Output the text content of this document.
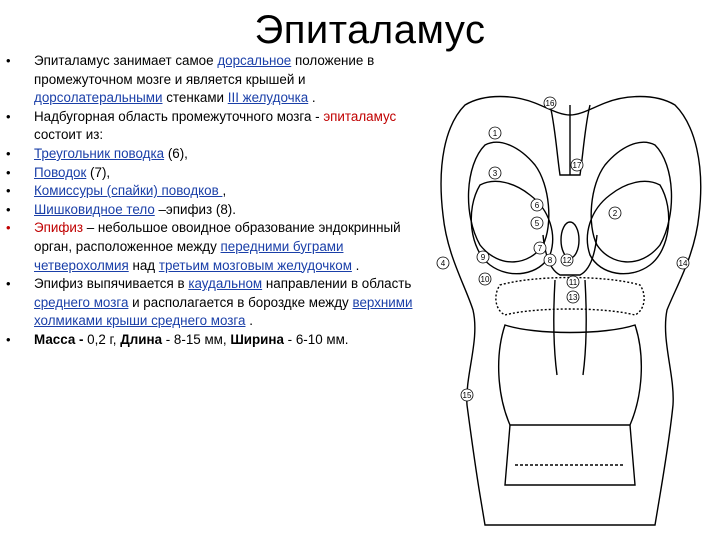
Эпиталамус
• Эпиталамус занимает самое дорсальное положение в промежуточном мозге и является крышей и дорсолатеральными стенками III желудочка .
• Надбугорная область промежуточного мозга - эпиталамус состоит из:
• Треугольник поводка (6),
• Поводок (7),
• Комиссуры (спайки) поводков ,
• Шишковидное тело –эпифиз (8).
• Эпифиз – небольшое овоидное образование эндокринный орган, расположенное между передними буграми четверохолмия над третьим мозговым желудочком .
• Эпифиз выпячивается в каудальном направлении в область среднего мозга и располагается в бороздке между верхними холмиками крыши среднего мозга .
• Масса - 0,2 г, Длина - 8-15 мм, Ширина - 6-10 мм.
1
2
3
4
5
6
7
8
9
10	11
12
13
14
15
16
17
